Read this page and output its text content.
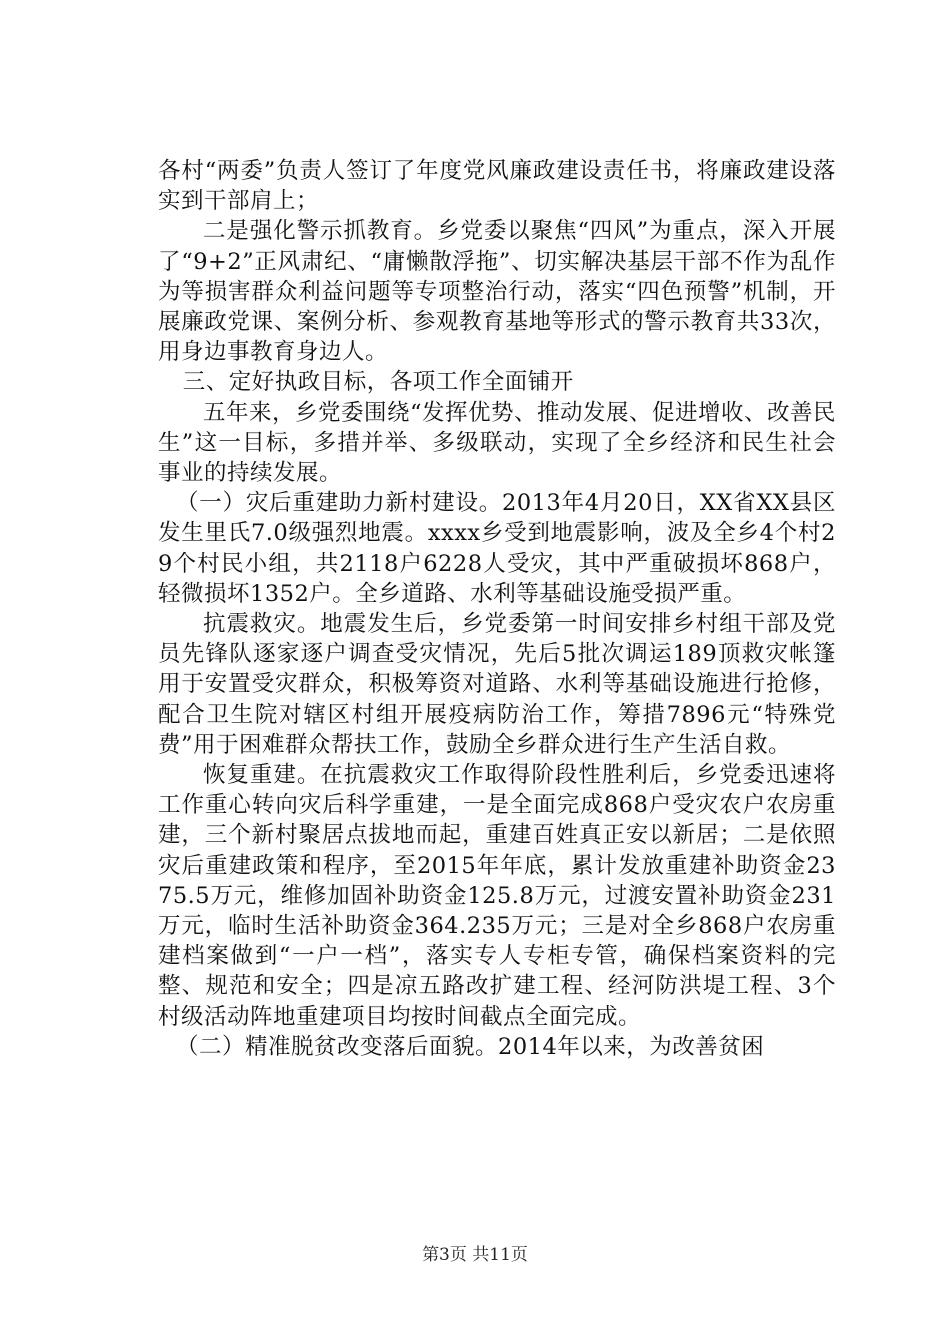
各村“两委”负责人签订了年度党风廉政建设责任书，将廉政建设落实到干部肩上；

二是强化警示抓教育。乡党委以聚焦“四风”为重点，深入开展了“9+2”正风肃纪、“庸懒散浮拖”、切实解决基层干部不作为乱作为等损害群众利益问题等专项整治行动，落实“四色预警”机制，开展廉政党课、案例分析、参观教育基地等形式的警示教育共33次，用身边事教育身边人。

三、定好执政目标，各项工作全面铺开

五年来，乡党委围绕“发挥优势、推动发展、促进增收、改善民生”这一目标，多措并举、多级联动，实现了全乡经济和民生社会事业的持续发展。

（一）灾后重建助力新村建设。2013年4月20日，XX省XX县区发生里氏7.0级强烈地震。xxxx乡受到地震影响，波及全乡4个村29个村民小组，共2118户6228人受灾，其中严重破损坏868户，轻微损坏1352户。全乡道路、水利等基础设施受损严重。

抗震救灾。地震发生后，乡党委第一时间安排乡村组干部及党员先锋队逐家逐户调查受灾情况，先后5批次调运189顶救灾帐篷用于安置受灾群众，积极筹资对道路、水利等基础设施进行抢修，配合卫生院对辖区村组开展疫病防治工作，筹措7896元“特殊党费”用于困难群众帮扶工作，鼓励全乡群众进行生产生活自救。

恢复重建。在抗震救灾工作取得阶段性胜利后，乡党委迅速将工作重心转向灾后科学重建，一是全面完成868户受灾农户农房重建，三个新村聚居点拔地而起，重建百姓真正安以新居；二是依照灾后重建政策和程序，至2015年年底，累计发放重建补助资金2375.5万元，维修加固补助资金125.8万元，过渡安置补助资金231万元，临时生活补助资金364.235万元；三是对全乡868户农房重建档案做到“一户一档”，落实专人专柜专管，确保档案资料的完整、规范和安全；四是凉五路改扩建工程、经河防洪堤工程、3个村级活动阵地重建项目均按时间截点全面完成。

（二）精准脱贫改变落后面貌。2014年以来，为改善贫困

第3页 共11页
